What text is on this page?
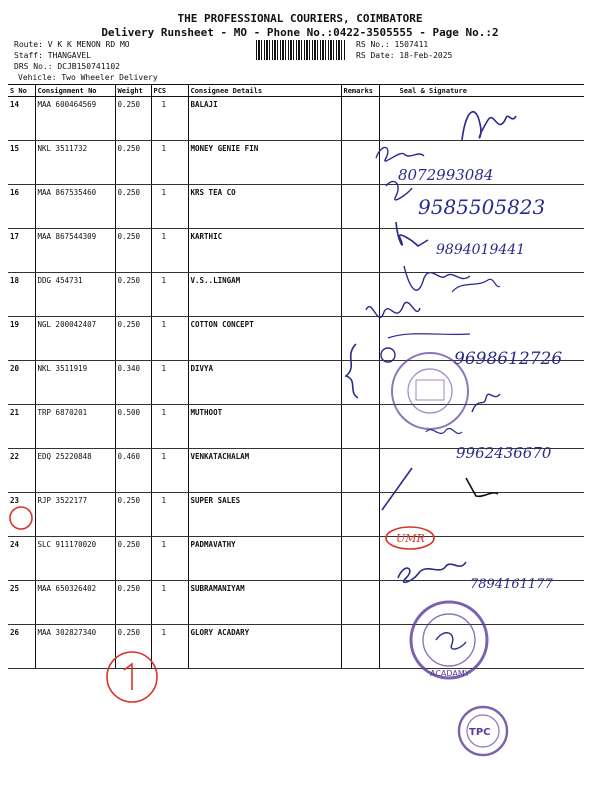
THE PROFESSIONAL COURIERS, COIMBATORE
Delivery Runsheet - MO - Phone No.:0422-3505555 - Page No.:2
Route: V K K MENON RD MO
Staff: THANGAVEL
DRS No.: DCJB150741102
Vehicle: Two Wheeler Delivery
RS No.: 1507411
RS Date: 18-Feb-2025
S No	Consignment No	Weight	PCS	Consignee Details	Remarks	Seal & Signature
14	MAA 600464569	0.250	1	BALAJI		
15	NKL 3511732	0.250	1	MONEY GENIE FIN		
16	MAA 867535460	0.250	1	KRS TEA CO		
17	MAA 867544309	0.250	1	KARTHIC		
18	DDG 454731	0.250	1	V.S..LINGAM		
19	NGL 200042407	0.250	1	COTTON CONCEPT		
20	NKL 3511919	0.340	1	DIVYA		
21	TRP 6870201	0.500	1	MUTHOOT		
22	EDQ 25220848	0.460	1	VENKATACHALAM		
23	RJP 3522177	0.250	1	SUPER SALES		
24	SLC 911170020	0.250	1	PADMAVATHY		
25	MAA 650326402	0.250	1	SUBRAMANIYAM		
26	MAA 302827340	0.250	1	GLORY ACADARY		
8072993084
9585505823
9894019441
9698612726
9962436670
UMR
7894161177
ACADAMY
TPC
